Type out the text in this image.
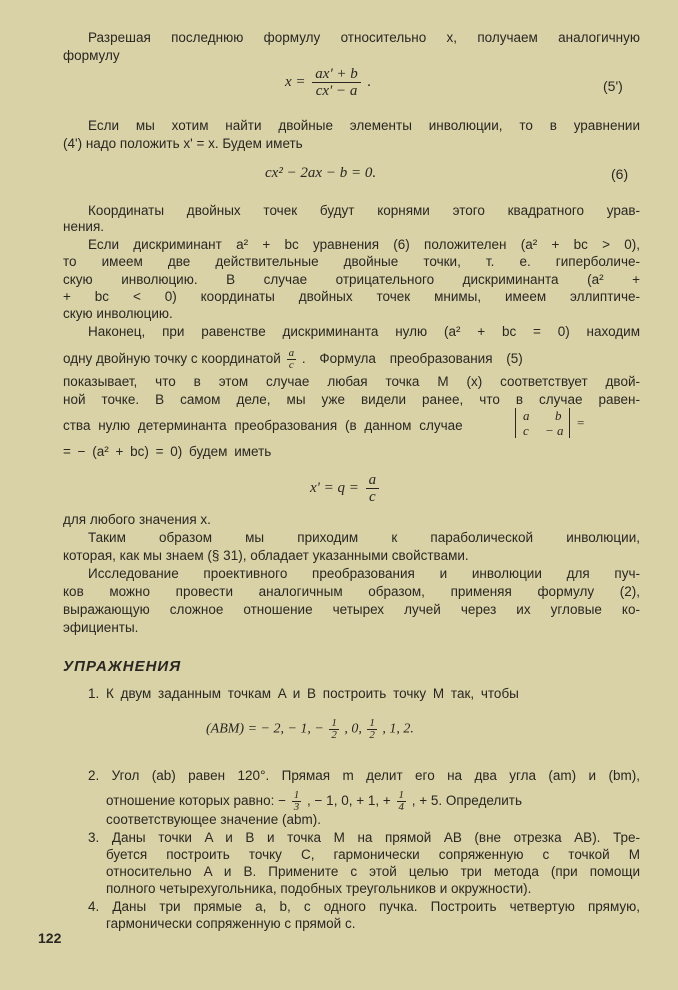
Разрешая последнюю формулу относительно x, получаем аналогичную
формулу
$x = \frac{ax' + b}{cx' - a}$ .	(5')
Если мы хотим найти двойные элементы инволюции, то в уравнении
(4') надо положить x' = x. Будем иметь
cx² − 2ax − b = 0.	(6)
Координаты двойных точек будут корнями этого квадратного урав-
нения.
Если дискриминант a² + bc уравнения (6) положителен (a² + bc > 0),
то имеем две действительные двойные точки, т. е. гиперболиче-
скую инволюцию. В случае отрицательного дискриминанта (a² +
+ bc < 0) координаты двойных точек мнимы, имеем эллиптиче-
скую инволюцию.
Наконец, при равенстве дискриминанта нулю (a² + bc = 0) находим
одну двойную точку с координатой $\frac{a}{c}$ . Формула преобразования (5)
показывает, что в этом случае любая точка M (x) соответствует двой-
ной точке. В самом деле, мы уже видели ранее, что в случае равен-
ства нулю детерминанта преобразования (в данном случае
a b
c − a
=
= − (a² + bc) = 0) будем иметь
$x' = q = \frac{a}{c}$
для любого значения x.
Таким образом мы приходим к параболической инволюции,
которая, как мы знаем (§ 31), обладает указанными свойствами.
Исследование проективного преобразования и инволюции для пуч-
ков можно провести аналогичным образом, применяя формулу (2),
выражающую сложное отношение четырех лучей через их угловые ко-
эфициенты.
УПРАЖНЕНИЯ
1. К двум заданным точкам A и B построить точку M так, чтобы
(ABM) = − 2, − 1, − $\frac{1}{2}$ , 0, $\frac{1}{2}$ , 1, 2.
2. Угол (ab) равен 120°. Прямая m делит его на два угла (am) и (bm),
отношение которых равно: − $\frac{1}{3}$ , − 1, 0, + 1, + $\frac{1}{4}$ , + 5. Определить
соответствующее значение (abm).
3. Даны точки A и B и точка M на прямой AB (вне отрезка AB). Тре-
буется построить точку C, гармонически сопряженную с точкой M
относительно A и B. Примените с этой целью три метода (при помощи
полного четырехугольника, подобных треугольников и окружности).
4. Даны три прямые a, b, c одного пучка. Построить четвертую прямую,
гармонически сопряженную с прямой c.
122
